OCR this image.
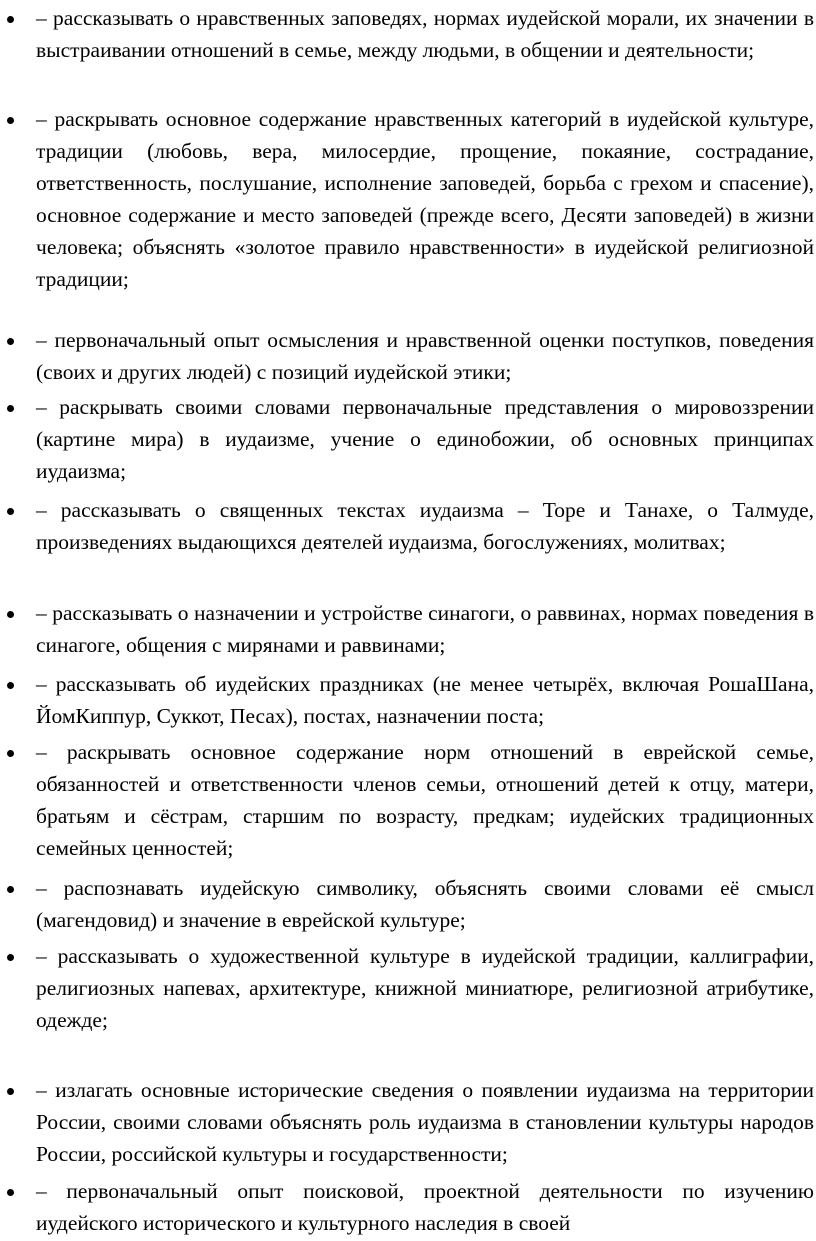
– рассказывать о нравственных заповедях, нормах иудейской морали, их значении в выстраивании отношений в семье, между людьми, в общении и деятельности;
– раскрывать основное содержание нравственных категорий в иудейской культуре, традиции (любовь, вера, милосердие, прощение, покаяние, сострадание, ответственность, послушание, исполнение заповедей, борьба с грехом и спасение), основное содержание и место заповедей (прежде всего, Десяти заповедей) в жизни человека; объяснять «золотое правило нравственности» в иудейской религиозной традиции;
– первоначальный опыт осмысления и нравственной оценки поступков, поведения (своих и других людей) с позиций иудейской этики;
– раскрывать своими словами первоначальные представления о мировоззрении (картине мира) в иудаизме, учение о единобожии, об основных принципах иудаизма;
– рассказывать о священных текстах иудаизма – Торе и Танахе, о Талмуде, произведениях выдающихся деятелей иудаизма, богослужениях, молитвах;
– рассказывать о назначении и устройстве синагоги, о раввинах, нормах поведения в синагоге, общения с мирянами и раввинами;
– рассказывать об иудейских праздниках (не менее четырёх, включая РошаШана, ЙомКиппур, Суккот, Песах), постах, назначении поста;
– раскрывать основное содержание норм отношений в еврейской семье, обязанностей и ответственности членов семьи, отношений детей к отцу, матери, братьям и сёстрам, старшим по возрасту, предкам; иудейских традиционных семейных ценностей;
– распознавать иудейскую символику, объяснять своими словами её смысл (магендовид) и значение в еврейской культуре;
– рассказывать о художественной культуре в иудейской традиции, каллиграфии, религиозных напевах, архитектуре, книжной миниатюре, религиозной атрибутике, одежде;
– излагать основные исторические сведения о появлении иудаизма на территории России, своими словами объяснять роль иудаизма в становлении культуры народов России, российской культуры и государственности;
– первоначальный опыт поисковой, проектной деятельности по изучению иудейского исторического и культурного наследия в своей
